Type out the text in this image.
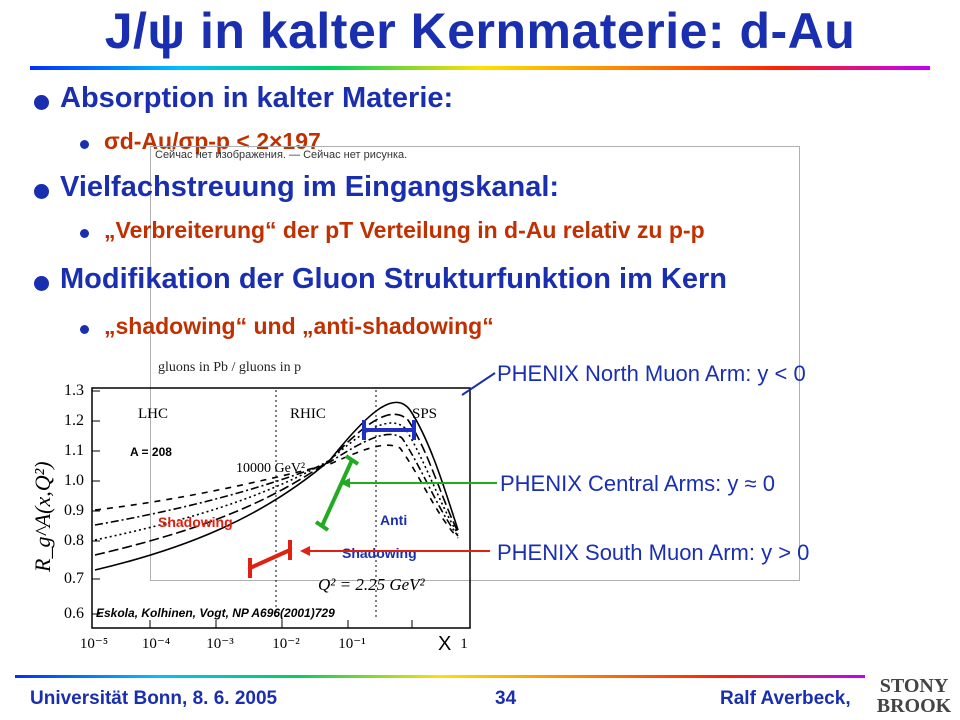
J/ψ in kalter Kernmaterie: d-Au
Absorption in kalter Materie:
σd-Au/σp-p < 2×197
Сейчас нет изображения. — Сейчас нет рисунка.
Vielfachstreuung im Eingangskanal:
„Verbreiterung“ der pT Verteilung in d-Au relativ zu p-p
Modifikation der Gluon Strukturfunktion im Kern
„shadowing“ und „anti-shadowing“
gluons in Pb / gluons in p
1.3
1.2
1.1
1.0
0.9
0.8
0.7
0.6
10⁻⁵ 10⁻⁴ 10⁻³	10⁻²	10⁻¹	1
X
R_g^A(x,Q²)
LHC	RHIC	SPS
A = 208
10000 GeV²
Q² = 2.25 GeV²
Shadowing	Anti
Shadowing
Eskola, Kolhinen, Vogt, NP A696(2001)729
PHENIX North Muon Arm: y < 0
PHENIX Central Arms: y ≈ 0
PHENIX South Muon Arm: y > 0
Universität Bonn, 8. 6. 2005	34	Ralf Averbeck,
STONY
BROOK
